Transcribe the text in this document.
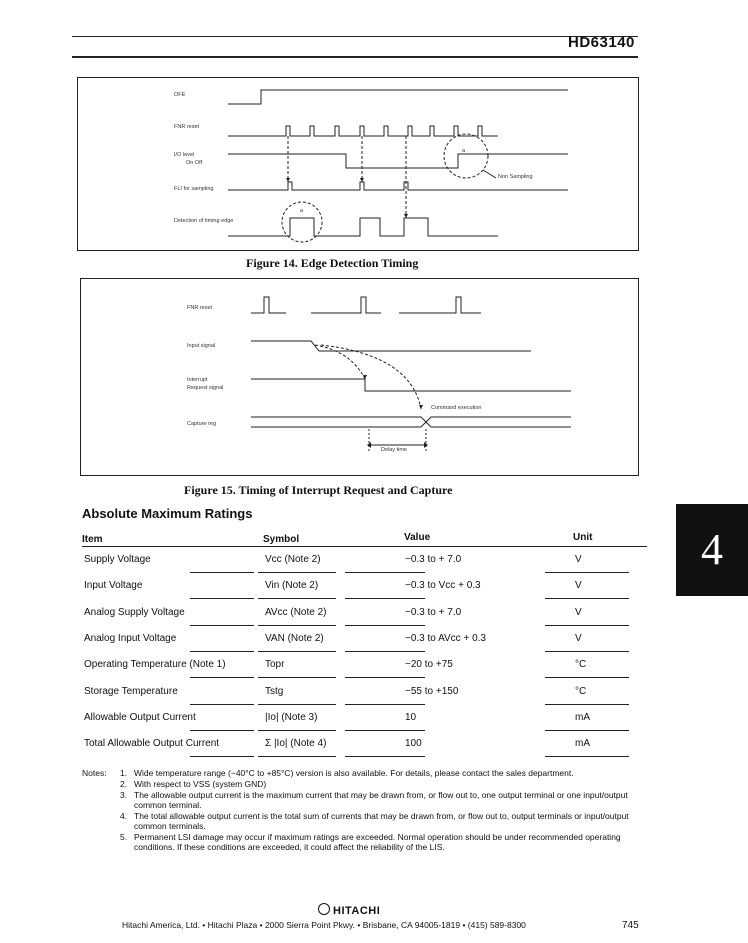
HD63140
OFE
FNR reset
I/O level
On Off
FLI for sampling
Detection of timing edge
Non Sampling
a
a
Figure 14. Edge Detection Timing
FNR reset
Input signal
Interrupt
Request signal
Capture reg
Command execution
Delay time
Figure 15. Timing of Interrupt Request and Capture
Absolute Maximum Ratings
Item	Symbol	Value	Unit
Supply Voltage	Vcc (Note 2)	−0.3 to + 7.0	V
Input Voltage	Vin (Note 2)	−0.3 to Vcc + 0.3	V
Analog Supply Voltage	AVcc (Note 2)	−0.3 to + 7.0	V
Analog Input Voltage	VAN (Note 2)	−0.3 to AVcc + 0.3	V
Operating Temperature (Note 1)	Topr	−20 to +75	°C
Storage Temperature	Tstg	−55 to +150	°C
Allowable Output Current	|Io| (Note 3)	10	mA
Total Allowable Output Current	Σ |Io| (Note 4)	100	mA
4
Notes: 1. Wide temperature range (−40°C to +85°C) version is also available. For details, please contact the sales department.
2. With respect to VSS (system GND)
3. The allowable output current is the maximum current that may be drawn from, or flow out to, one output terminal or one input/output common terminal.
4. The total allowable output current is the total sum of currents that may be drawn from, or flow out to, output terminals or input/output common terminals.
5. Permanent LSI damage may occur if maximum ratings are exceeded. Normal operation should be under recommended operating conditions. If these conditions are exceeded, it could affect the reliability of the LIS.
HITACHI
Hitachi America, Ltd. • Hitachi Plaza • 2000 Sierra Point Pkwy. • Brisbane, CA 94005-1819 • (415) 589-8300	745
